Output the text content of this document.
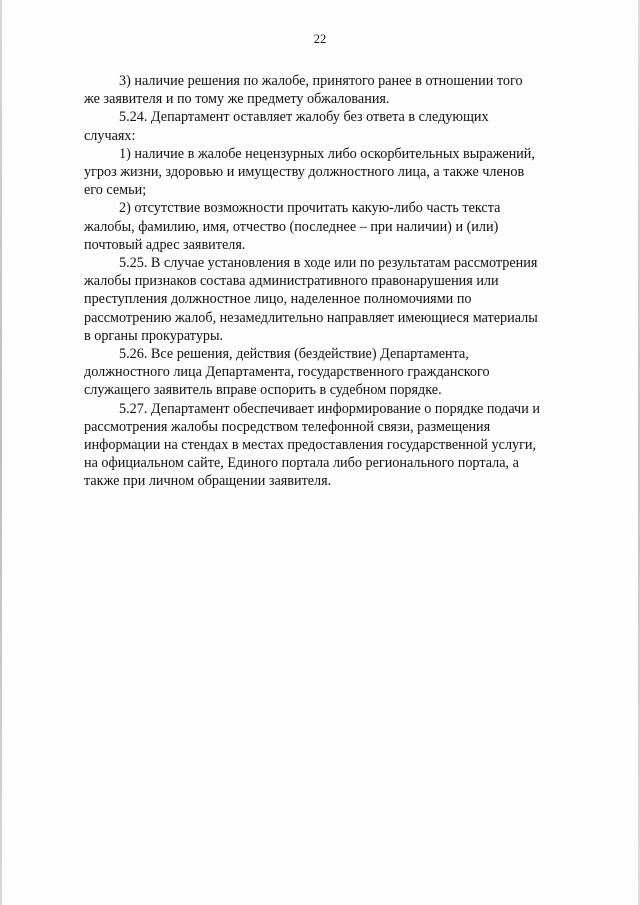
22

3) наличие решения по жалобе, принятого ранее в отношении того
же заявителя и по тому же предмету обжалования.

5.24. Департамент оставляет жалобу без ответа в следующих
случаях:

1) наличие в жалобе нецензурных либо оскорбительных выражений,
угроз жизни, здоровью и имуществу должностного лица, а также членов
его семьи;

2) отсутствие возможности прочитать какую-либо часть текста
жалобы, фамилию, имя, отчество (последнее – при наличии) и (или)
почтовый адрес заявителя.

5.25. В случае установления в ходе или по результатам рассмотрения
жалобы признаков состава административного правонарушения или
преступления должностное лицо, наделенное полномочиями по
рассмотрению жалоб, незамедлительно направляет имеющиеся материалы
в органы прокуратуры.

5.26. Все решения, действия (бездействие) Департамента,
должностного лица Департамента, государственного гражданского
служащего заявитель вправе оспорить в судебном порядке.

5.27. Департамент обеспечивает информирование о порядке подачи и
рассмотрения жалобы посредством телефонной связи, размещения
информации на стендах в местах предоставления государственной услуги,
на официальном сайте, Единого портала либо регионального портала, а
также при личном обращении заявителя.
